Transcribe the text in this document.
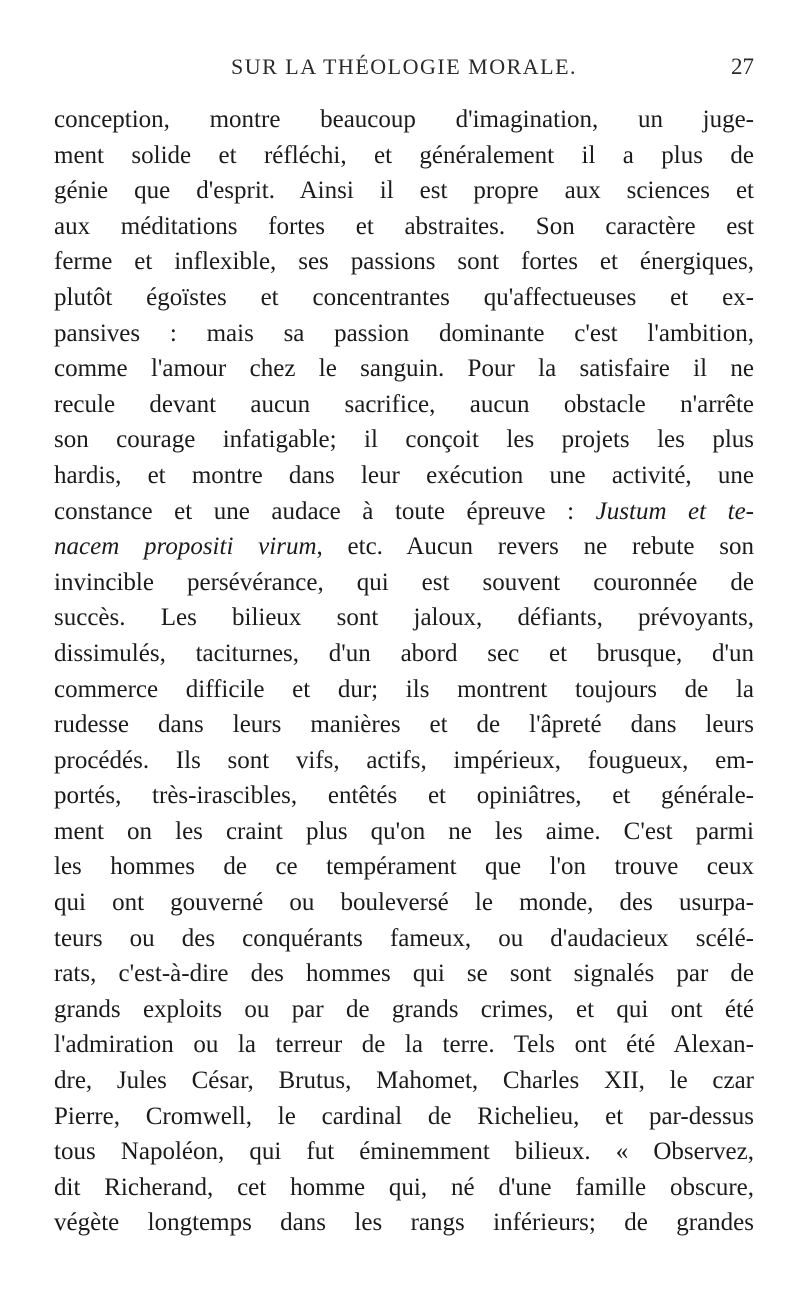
SUR LA THÉOLOGIE MORALE.	27
conception, montre beaucoup d'imagination, un juge-
ment solide et réfléchi, et généralement il a plus de
génie que d'esprit. Ainsi il est propre aux sciences et
aux méditations fortes et abstraites. Son caractère est
ferme et inflexible, ses passions sont fortes et énergiques,
plutôt égoïstes et concentrantes qu'affectueuses et ex-
pansives : mais sa passion dominante c'est l'ambition,
comme l'amour chez le sanguin. Pour la satisfaire il ne
recule devant aucun sacrifice, aucun obstacle n'arrête
son courage infatigable; il conçoit les projets les plus
hardis, et montre dans leur exécution une activité, une
constance et une audace à toute épreuve : Justum et te-
nacem propositi virum, etc. Aucun revers ne rebute son
invincible persévérance, qui est souvent couronnée de
succès. Les bilieux sont jaloux, défiants, prévoyants,
dissimulés, taciturnes, d'un abord sec et brusque, d'un
commerce difficile et dur; ils montrent toujours de la
rudesse dans leurs manières et de l'âpreté dans leurs
procédés. Ils sont vifs, actifs, impérieux, fougueux, em-
portés, très-irascibles, entêtés et opiniâtres, et générale-
ment on les craint plus qu'on ne les aime. C'est parmi
les hommes de ce tempérament que l'on trouve ceux
qui ont gouverné ou bouleversé le monde, des usurpa-
teurs ou des conquérants fameux, ou d'audacieux scélé-
rats, c'est-à-dire des hommes qui se sont signalés par de
grands exploits ou par de grands crimes, et qui ont été
l'admiration ou la terreur de la terre. Tels ont été Alexan-
dre, Jules César, Brutus, Mahomet, Charles XII, le czar
Pierre, Cromwell, le cardinal de Richelieu, et par-dessus
tous Napoléon, qui fut éminemment bilieux. « Observez,
dit Richerand, cet homme qui, né d'une famille obscure,
végète longtemps dans les rangs inférieurs; de grandes
